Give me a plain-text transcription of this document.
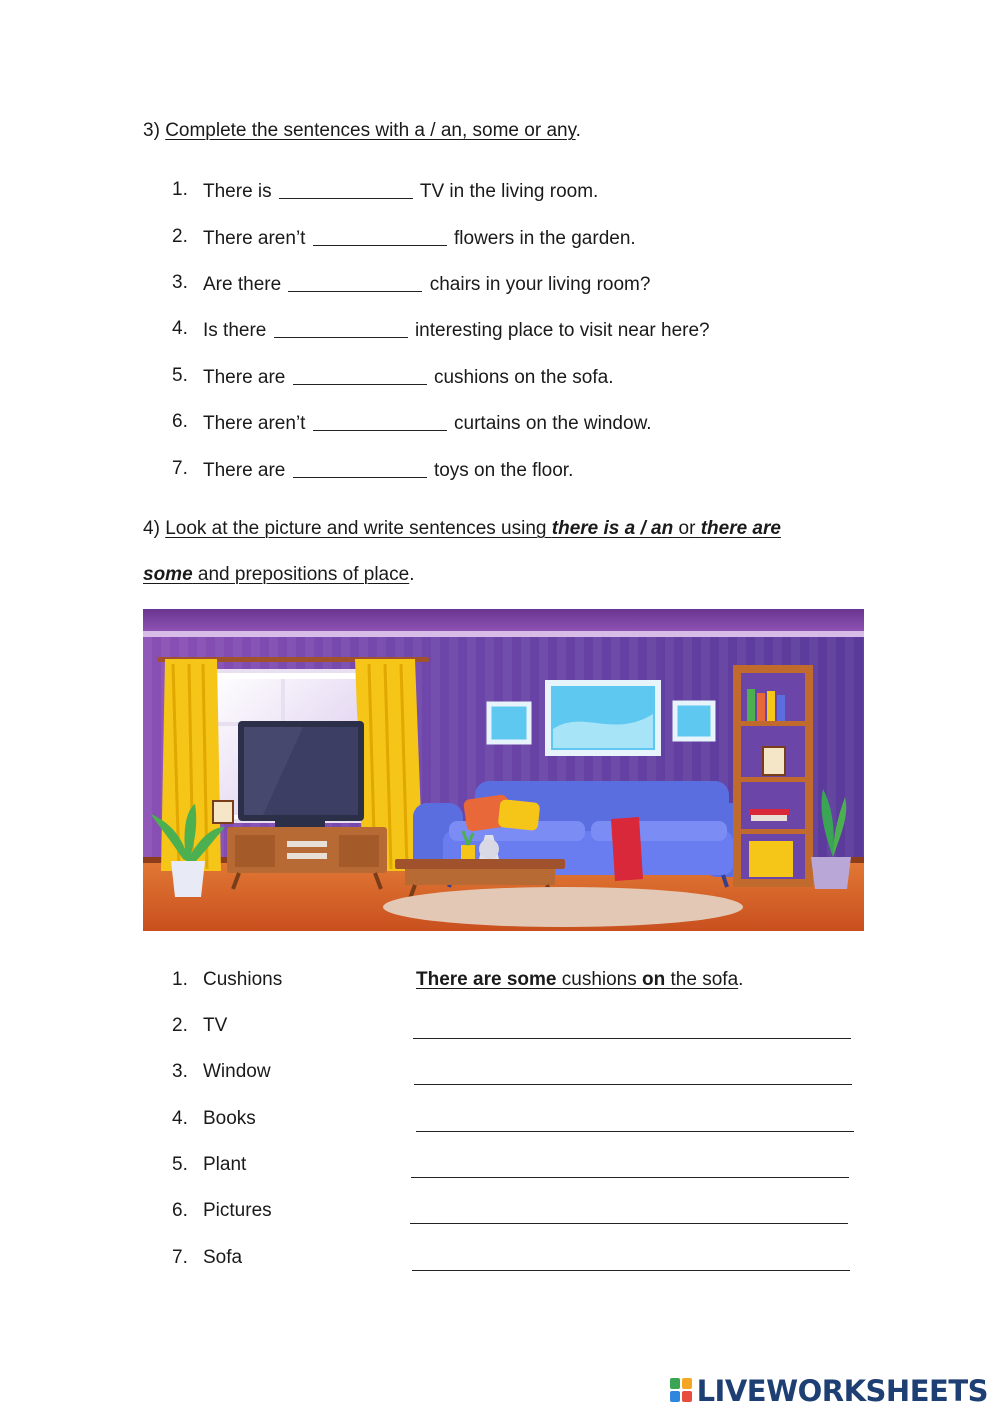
3) Complete the sentences with a / an, some or any.
1. There is	TV in the living room.
2. There aren’t	flowers in the garden.
3. Are there	chairs in your living room?
4. Is there	interesting place to visit near here?
5. There are	cushions on the sofa.
6. There aren’t	curtains on the window.
7. There are	toys on the floor.
4) Look at the picture and write sentences using there is a / an or there are
some and prepositions of place.
1. Cushions	There are some cushions on the sofa.
2. TV
3. Window
4. Books
5. Plant
6. Pictures
7. Sofa
LIVEWORKSHEETS
